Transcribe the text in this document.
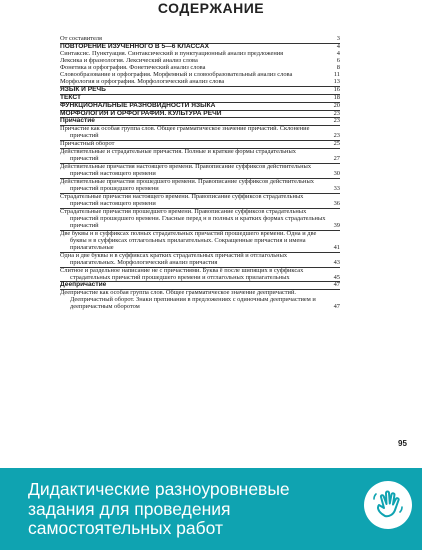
СОДЕРЖАНИЕ
От составителя	3
ПОВТОРЕНИЕ ИЗУЧЕННОГО В 5—6 КЛАССАХ	4
Синтаксис. Пунктуация. Синтаксический и пунктуационный анализ предложения	4
Лексика и фразеология. Лексический анализ слова	6
Фонетика и орфография. Фонетический анализ слова	8
Словообразование и орфография. Морфемный и словообразовательный анализ слова	11
Морфология и орфография. Морфологический анализ слова	13
ЯЗЫК И РЕЧЬ	16
ТЕКСТ	18
ФУНКЦИОНАЛЬНЫЕ РАЗНОВИДНОСТИ ЯЗЫКА	20
МОРФОЛОГИЯ И ОРФОГРАФИЯ. КУЛЬТУРА РЕЧИ	23
Причастие	23
Причастие как особая группа слов. Общее грамматическое значение причастий. Склонение причастий	23
Причастный оборот	25
Действительные и страдательные причастия. Полные и краткие формы страдательных причастий	27
Действительные причастия настоящего времени. Правописание суффиксов действительных причастий настоящего времени	30
Действительные причастия прошедшего времени. Правописание суффиксов действительных причастий прошедшего времени	33
Страдательные причастия настоящего времени. Правописание суффиксов страдательных причастий настоящего времени	36
Страдательные причастия прошедшего времени. Правописание суффиксов страдательных причастий прошедшего времени. Гласные перед н в полных и кратких формах страдательных причастий	39
Две буквы н в суффиксах полных страдательных причастий прошедшего времени. Одна и две буквы н в суффиксах отглагольных прилагательных. Сокращенные причастия и имена прилагательные	41
Одна и две буквы н в суффиксах кратких страдательных причастий и отглагольных прилагательных. Морфологический анализ причастия	43
Слитное и раздельное написание не с причастиями. Буква ё после шипящих в суффиксах страдательных причастий прошедшего времени и отглагольных прилагательных	45
Деепричастие	47
Деепричастие как особая группа слов. Общее грамматическое значение деепричастий. Деепричастный оборот. Знаки препинания в предложениях с одиночным деепричастием и деепричастным оборотом	47
95
Дидактические разноуровневые
задания для проведения
самостоятельных работ
